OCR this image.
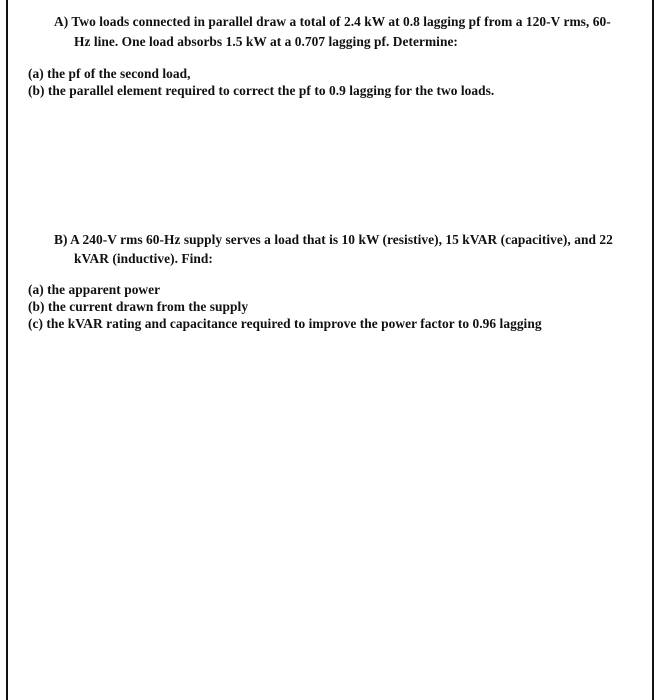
A) Two loads connected in parallel draw a total of 2.4 kW at 0.8 lagging pf from a 120-V rms, 60-
Hz line. One load absorbs 1.5 kW at a 0.707 lagging pf. Determine:
(a) the pf of the second load,
(b) the parallel element required to correct the pf to 0.9 lagging for the two loads.
B) A 240-V rms 60-Hz supply serves a load that is 10 kW (resistive), 15 kVAR (capacitive), and 22
kVAR (inductive). Find:
(a) the apparent power
(b) the current drawn from the supply
(c) the kVAR rating and capacitance required to improve the power factor to 0.96 lagging
